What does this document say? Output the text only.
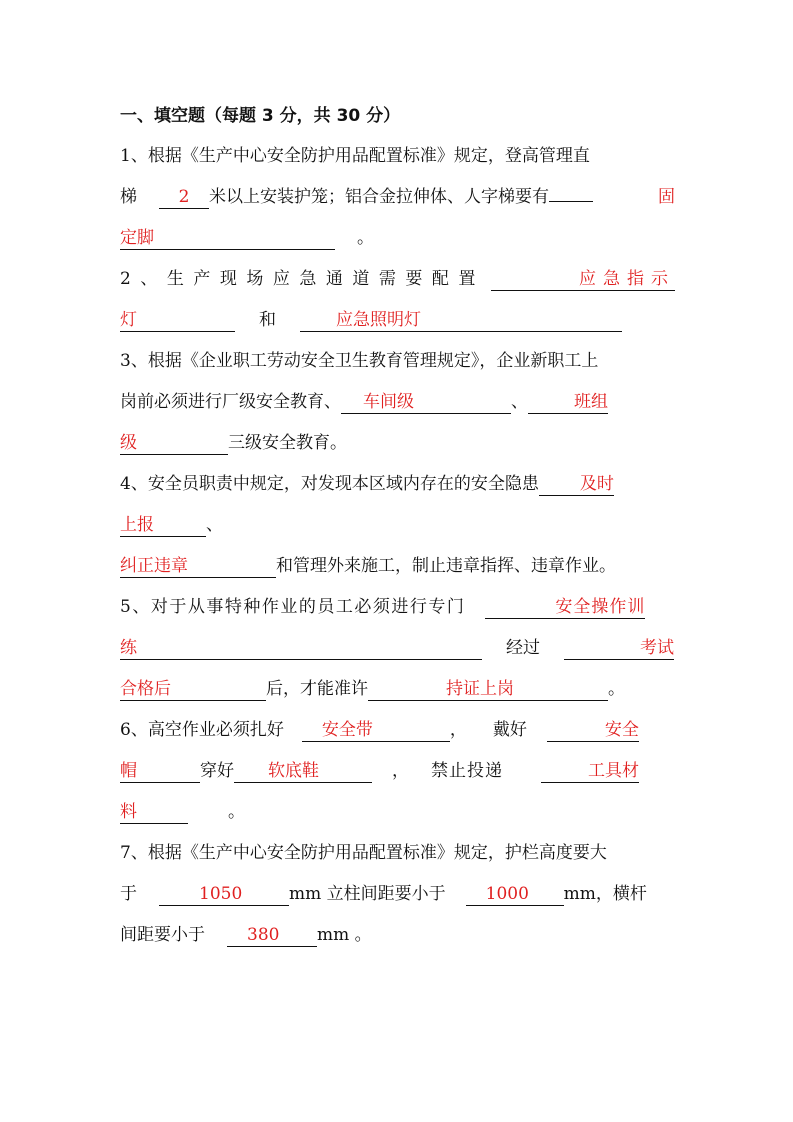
一、填空题（每题 3 分，共 30 分）
1、根据《生产中心安全防护用品配置标准》规定，登高管理直
梯 2 米以上安装护笼；铝合金拉伸体、人字梯要有	固
定脚	。
2、生产现场应急通道需要配置	应急指示
灯	和	应急照明灯
3、根据《企业职工劳动安全卫生教育管理规定》，企业新职工上
岗前必须进行厂级安全教育、 车间级	、	班组
级	三级安全教育。
4、安全员职责中规定，对发现本区域内存在的安全隐患 及时
上报	、
纠正违章	和管理外来施工，制止违章指挥、违章作业。
5、对于从事特种作业的员工必须进行专门	安全操作训
练	经过	考试
合格后	后，才能准许	持证上岗	。
6、高空作业必须扎好 安全带	， 戴好	安全
帽	穿好 软底鞋	， 禁止投递	工具材
料	。
7、根据《生产中心安全防护用品配置标准》规定，护栏高度要大
于	1050	mm 立柱间距要小于 1000 mm，横杆
间距要小于 380 mm 。
